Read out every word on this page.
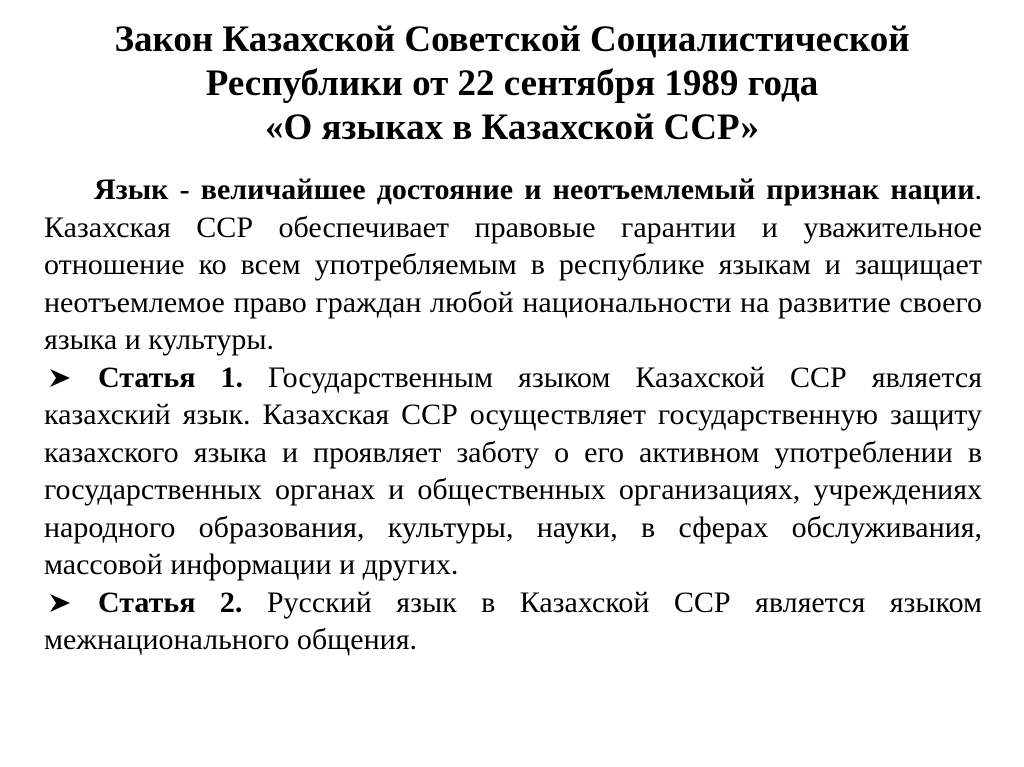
Закон Казахской Советской Социалистической
Республики от 22 сентября 1989 года
«О языках в Казахской ССР»

Язык - величайшее достояние и неотъемлемый признак нации. Казахская ССР обеспечивает правовые гарантии и уважительное отношение ко всем употребляемым в республике языкам и защищает неотъемлемое право граждан любой национальности на развитие своего языка и культуры.

Статья 1. Государственным языком Казахской ССР является казахский язык. Казахская ССР осуществляет государственную защиту казахского языка и проявляет заботу о его активном употреблении в государственных органах и общественных организациях, учреждениях народного образования, культуры, науки, в сферах обслуживания, массовой информации и других.

Статья 2. Русский язык в Казахской ССР является языком межнационального общения.
